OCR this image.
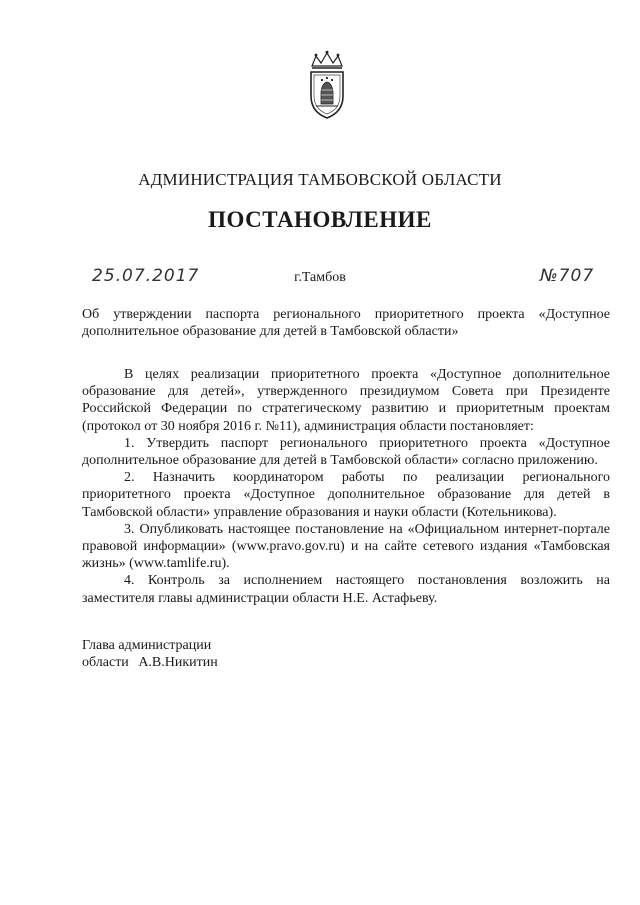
АДМИНИСТРАЦИЯ ТАМБОВСКОЙ ОБЛАСТИ
ПОСТАНОВЛЕНИЕ
25.07.2017	г.Тамбов	№707
Об утверждении паспорта регионального приоритетного проекта «Доступное
дополнительное образование для детей в Тамбовской области»

В целях реализации приоритетного проекта «Доступное дополнительное образование для детей», утвержденного президиумом Совета при Президенте Российской Федерации по стратегическому развитию и приоритетным проектам (протокол от 30 ноября 2016 г. №11), администрация области постановляет:

1. Утвердить паспорт регионального приоритетного проекта «Доступное дополнительное образование для детей в Тамбовской области» согласно приложению.

2. Назначить координатором работы по реализации регионального приоритетного проекта «Доступное дополнительное образование для детей в Тамбовской области» управление образования и науки области (Котельникова).

3. Опубликовать настоящее постановление на «Официальном интернет-портале правовой информации» (www.pravo.gov.ru) и на сайте сетевого издания «Тамбовская жизнь» (www.tamlife.ru).

4. Контроль за исполнением настоящего постановления возложить на заместителя главы администрации области Н.Е. Астафьеву.

Глава администрации
области А.В.Никитин
